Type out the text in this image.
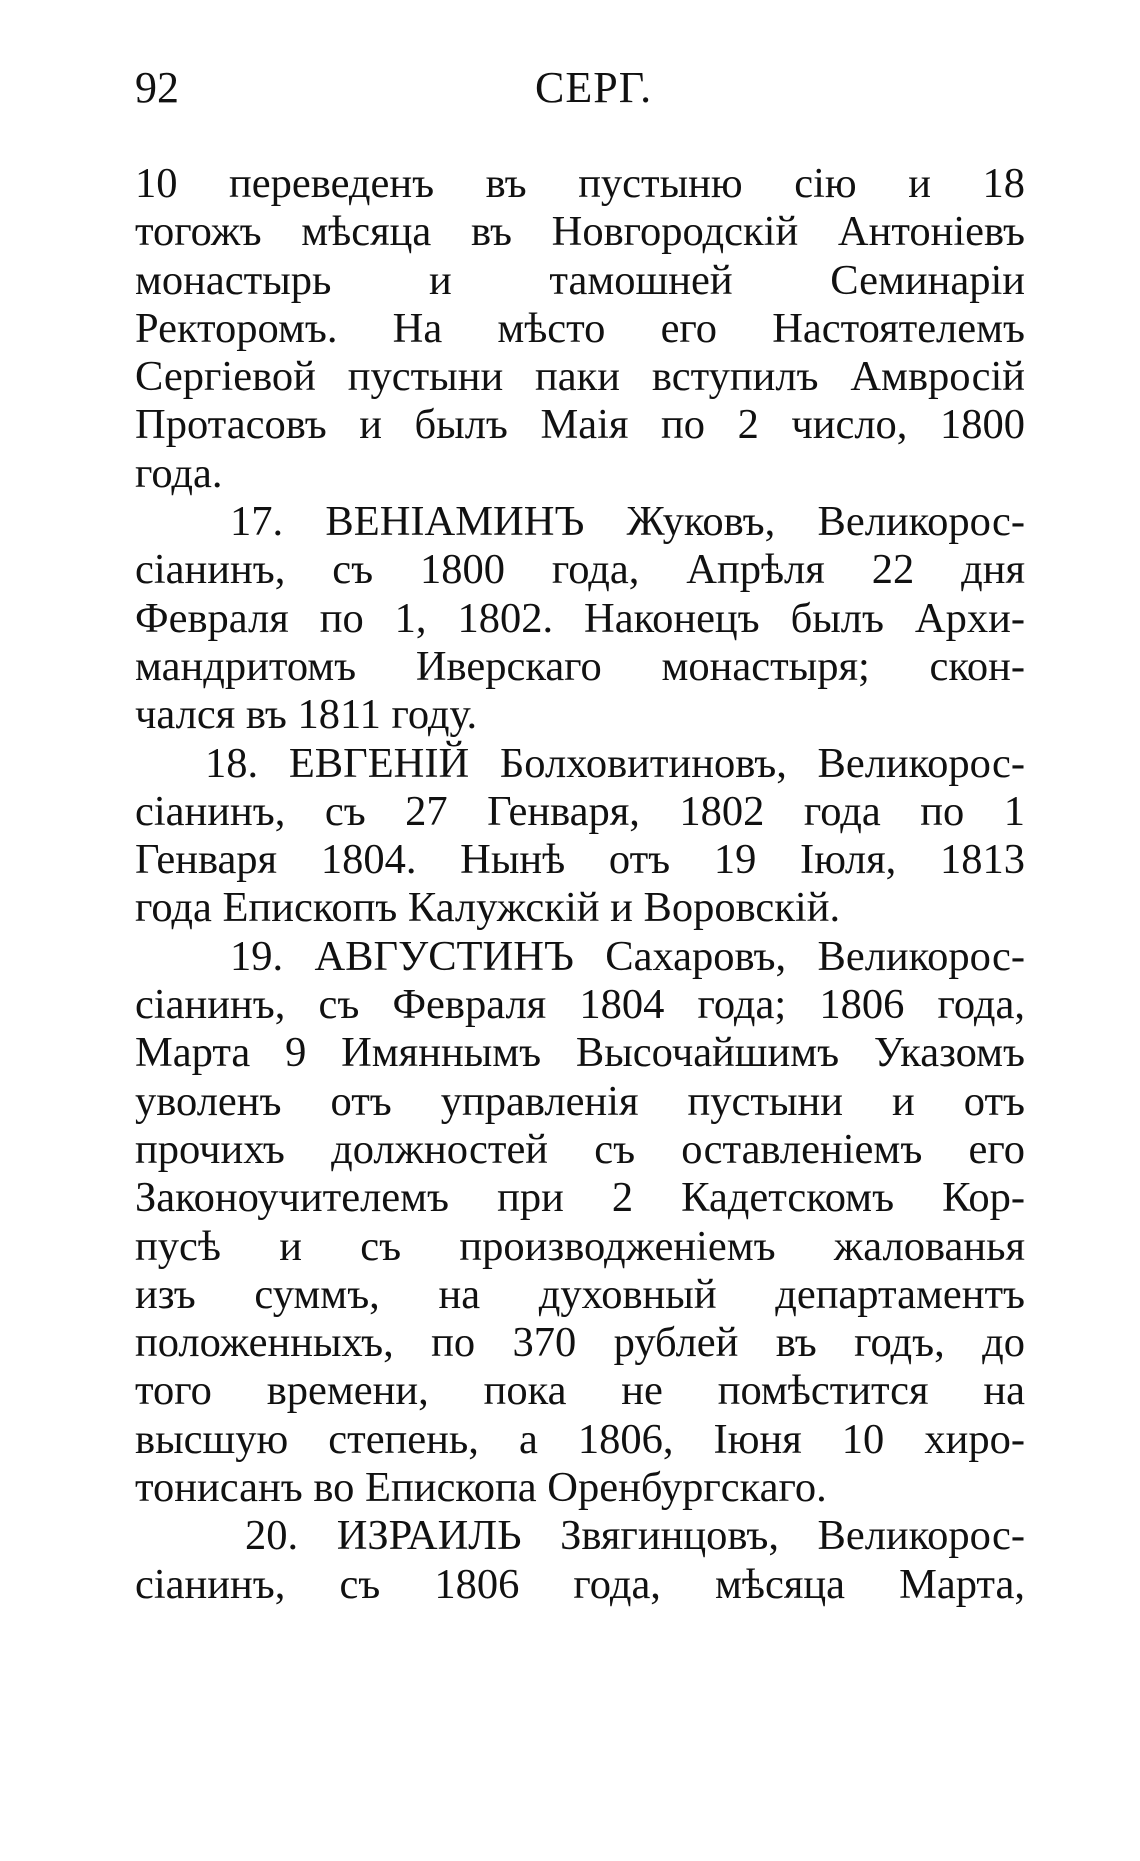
92	СЕРГ.
10 переведенъ въ пустыню сію и 18
тогожъ мѣсяца въ Новгородскій Антоніевъ
монастырь и тамошней Семинаріи
Ректоромъ. На мѣсто его Настоятелемъ
Сергіевой пустыни паки вступилъ Амвросій
Протасовъ и былъ Маія по 2 число, 1800
года.
17. ВЕНІАМИНЪ Жуковъ, Великорос-
сіанинъ, съ 1800 года, Апрѣля 22 дня
Февраля по 1, 1802. Наконецъ былъ Архи-
мандритомъ Иверскаго монастыря; скон-
чался въ 1811 году.
18. ЕВГЕНІЙ Болховитиновъ, Великорос-
сіанинъ, съ 27 Генваря, 1802 года по 1
Генваря 1804. Нынѣ отъ 19 Іюля, 1813
года Епископъ Калужскій и Воровскій.
19. АВГУСТИНЪ Сахаровъ, Великорос-
сіанинъ, съ Февраля 1804 года; 1806 года,
Марта 9 Имяннымъ Высочайшимъ Указомъ
уволенъ отъ управленія пустыни и отъ
прочихъ должностей съ оставленіемъ его
Законоучителемъ при 2 Кадетскомъ Кор-
пусѣ и съ производженіемъ жалованья
изъ суммъ, на духовный департаментъ
положенныхъ, по 370 рублей въ годъ, до
того времени, пока не помѣстится на
высшую степень, а 1806, Іюня 10 хиро-
тонисанъ во Епископа Оренбургскаго.
20. ИЗРАИЛЬ Звягинцовъ, Великорос-
сіанинъ, съ 1806 года, мѣсяца Марта,
